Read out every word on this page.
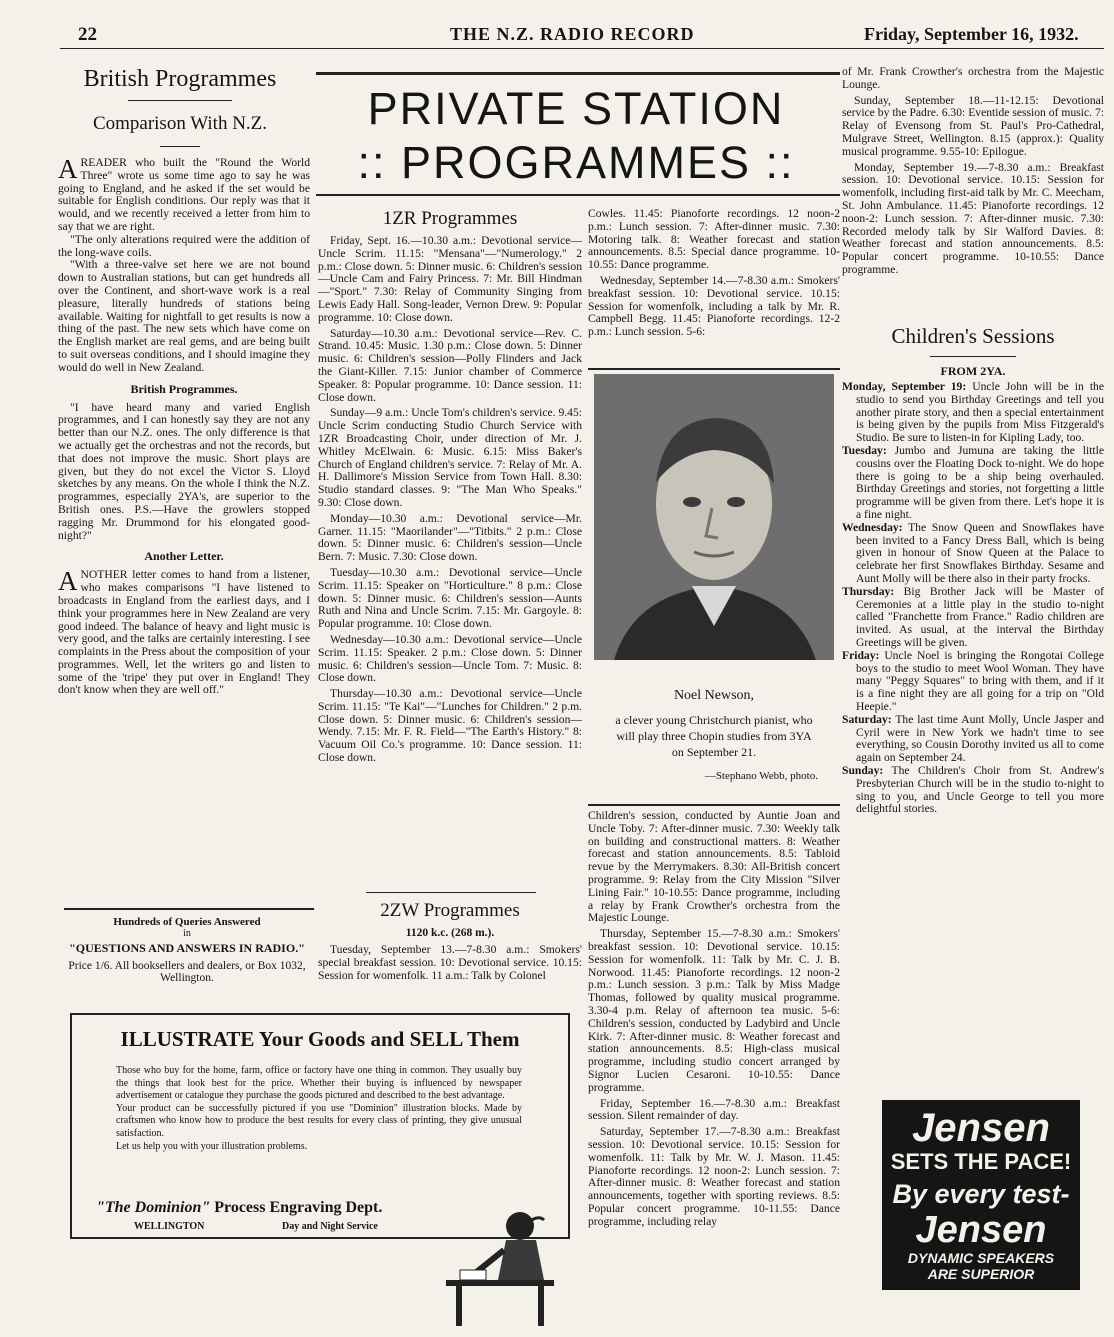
22	THE N.Z. RADIO RECORD	Friday, September 16, 1932.
British Programmes
Comparison With N.Z.

AREADER who built the "Round the World Three" wrote us some time ago to say he was going to England, and he asked if the set would be suitable for English conditions. Our reply was that it would, and we recently received a letter from him to say that we are right.

"The only alterations required were the addition of the long-wave coils.

"With a three-valve set here we are not bound down to Australian stations, but can get hundreds all over the Continent, and short-wave work is a real pleasure, literally hundreds of stations being available. Waiting for nightfall to get results is now a thing of the past. The new sets which have come on the English market are real gems, and are being built to suit overseas conditions, and I should imagine they would do well in New Zealand.

British Programmes.

"I have heard many and varied English programmes, and I can honestly say they are not any better than our N.Z. ones. The only difference is that we actually get the orchestras and not the records, but that does not improve the music. Short plays are given, but they do not excel the Victor S. Lloyd sketches by any means. On the whole I think the N.Z. programmes, especially 2YA's, are superior to the British ones. P.S.—Have the growlers stopped ragging Mr. Drummond for his elongated good-night?"

Another Letter.

ANOTHER letter comes to hand from a listener, who makes comparisons "I have listened to broadcasts in England from the earliest days, and I think your programmes here in New Zealand are very good indeed. The balance of heavy and light music is very good, and the talks are certainly interesting. I see complaints in the Press about the composition of your programmes. Well, let the writers go and listen to some of the 'tripe' they put over in England! They don't know when they are well off."

Hundreds of Queries Answered
in
"QUESTIONS AND ANSWERS IN RADIO."
Price 1/6. All booksellers and dealers, or Box 1032, Wellington.
PRIVATE STATION
:: PROGRAMMES ::
1ZR Programmes

Friday, Sept. 16.—10.30 a.m.: Devotional service—Uncle Scrim. 11.15: "Mensana"—"Numerology." 2 p.m.: Close down. 5: Dinner music. 6: Children's session—Uncle Cam and Fairy Princess. 7: Mr. Bill Hindman—"Sport." 7.30: Relay of Community Singing from Lewis Eady Hall. Song-leader, Vernon Drew. 9: Popular programme. 10: Close down.

Saturday—10.30 a.m.: Devotional service—Rev. C. Strand. 10.45: Music. 1.30 p.m.: Close down. 5: Dinner music. 6: Children's session—Polly Flinders and Jack the Giant-Killer. 7.15: Junior chamber of Commerce Speaker. 8: Popular programme. 10: Dance session. 11: Close down.

Sunday—9 a.m.: Uncle Tom's children's service. 9.45: Uncle Scrim conducting Studio Church Service with 1ZR Broadcasting Choir, under direction of Mr. J. Whitley McElwain. 6: Music. 6.15: Miss Baker's Church of England children's service. 7: Relay of Mr. A. H. Dallimore's Mission Service from Town Hall. 8.30: Studio standard classes. 9: "The Man Who Speaks." 9.30: Close down.

Monday—10.30 a.m.: Devotional service—Mr. Garner. 11.15: "Maorilander"—"Titbits." 2 p.m.: Close down. 5: Dinner music. 6: Children's session—Uncle Bern. 7: Music. 7.30: Close down.

Tuesday—10.30 a.m.: Devotional service—Uncle Scrim. 11.15: Speaker on "Horticulture." 8 p.m.: Close down. 5: Dinner music. 6: Children's session—Aunts Ruth and Nina and Uncle Scrim. 7.15: Mr. Gargoyle. 8: Popular programme. 10: Close down.

Wednesday—10.30 a.m.: Devotional service—Uncle Scrim. 11.15: Speaker. 2 p.m.: Close down. 5: Dinner music. 6: Children's session—Uncle Tom. 7: Music. 8: Close down.

Thursday—10.30 a.m.: Devotional service—Uncle Scrim. 11.15: "Te Kai"—"Lunches for Children." 2 p.m. Close down. 5: Dinner music. 6: Children's session—Wendy. 7.15: Mr. F. R. Field—"The Earth's History." 8: Vacuum Oil Co.'s programme. 10: Dance session. 11: Close down.

2ZW Programmes
1120 k.c. (268 m.).

Tuesday, September 13.—7-8.30 a.m.: Smokers' special breakfast session. 10: Devotional service. 10.15: Session for womenfolk. 11 a.m.: Talk by Colonel

Cowles. 11.45: Pianoforte recordings. 12 noon-2 p.m.: Lunch session. 7: After-dinner music. 7.30: Motoring talk. 8: Weather forecast and station announcements. 8.5: Special dance programme. 10-10.55: Dance programme.

Wednesday, September 14.—7-8.30 a.m.: Smokers' breakfast session. 10: Devotional service. 10.15: Session for womenfolk, including a talk by Mr. R. Campbell Begg. 11.45: Pianoforte recordings. 12-2 p.m.: Lunch session. 5-6:

Noel Newson,
a clever young Christchurch pianist, who will play three Chopin studies from 3YA on September 21.
—Stephano Webb, photo.

Children's session, conducted by Auntie Joan and Uncle Toby. 7: After-dinner music. 7.30: Weekly talk on building and constructional matters. 8: Weather forecast and station announcements. 8.5: Tabloid revue by the Merrymakers. 8.30: All-British concert programme. 9: Relay from the City Mission "Silver Lining Fair." 10-10.55: Dance programme, including a relay by Frank Crowther's orchestra from the Majestic Lounge.

Thursday, September 15.—7-8.30 a.m.: Smokers' breakfast session. 10: Devotional service. 10.15: Session for womenfolk. 11: Talk by Mr. C. J. B. Norwood. 11.45: Pianoforte recordings. 12 noon-2 p.m.: Lunch session. 3 p.m.: Talk by Miss Madge Thomas, followed by quality musical programme. 3.30-4 p.m. Relay of afternoon tea music. 5-6: Children's session, conducted by Ladybird and Uncle Kirk. 7: After-dinner music. 8: Weather forecast and station announcements. 8.5: High-class musical programme, including studio concert arranged by Signor Lucien Cesaroni. 10-10.55: Dance programme.

Friday, September 16.—7-8.30 a.m.: Breakfast session. Silent remainder of day.

Saturday, September 17.—7-8.30 a.m.: Breakfast session. 10: Devotional service. 10.15: Session for womenfolk. 11: Talk by Mr. W. J. Mason. 11.45: Pianoforte recordings. 12 noon-2: Lunch session. 7: After-dinner music. 8: Weather forecast and station announcements, together with sporting reviews. 8.5: Popular concert programme. 10-11.55: Dance programme, including relay

of Mr. Frank Crowther's orchestra from the Majestic Lounge.

Sunday, September 18.—11-12.15: Devotional service by the Padre. 6.30: Eventide session of music. 7: Relay of Evensong from St. Paul's Pro-Cathedral, Mulgrave Street, Wellington. 8.15 (approx.): Quality musical programme. 9.55-10: Epilogue.

Monday, September 19.—7-8.30 a.m.: Breakfast session. 10: Devotional service. 10.15: Session for womenfolk, including first-aid talk by Mr. C. Meecham, St. John Ambulance. 11.45: Pianoforte recordings. 12 noon-2: Lunch session. 7: After-dinner music. 7.30: Recorded melody talk by Sir Walford Davies. 8: Weather forecast and station announcements. 8.5: Popular concert programme. 10-10.55: Dance programme.

Children's Sessions
FROM 2YA.

Monday, September 19: Uncle John will be in the studio to send you Birthday Greetings and tell you another pirate story, and then a special entertainment is being given by the pupils from Miss Fitzgerald's Studio. Be sure to listen-in for Kipling Lady, too.

Tuesday: Jumbo and Jumuna are taking the little cousins over the Floating Dock to-night. We do hope there is going to be a ship being overhauled. Birthday Greetings and stories, not forgetting a little programme will be given from there. Let's hope it is a fine night.

Wednesday: The Snow Queen and Snowflakes have been invited to a Fancy Dress Ball, which is being given in honour of Snow Queen at the Palace to celebrate her first Snowflakes Birthday. Sesame and Aunt Molly will be there also in their party frocks.

Thursday: Big Brother Jack will be Master of Ceremonies at a little play in the studio to-night called "Franchette from France." Radio children are invited. As usual, at the interval the Birthday Greetings will be given.

Friday: Uncle Noel is bringing the Rongotai College boys to the studio to meet Wool Woman. They have many "Peggy Squares" to bring with them, and if it is a fine night they are all going for a trip on "Old Heepie."

Saturday: The last time Aunt Molly, Uncle Jasper and Cyril were in New York we hadn't time to see everything, so Cousin Dorothy invited us all to come again on September 24.

Sunday: The Children's Choir from St. Andrew's Presbyterian Church will be in the studio to-night to sing to you, and Uncle George to tell you more delightful stories.

ILLUSTRATE Your Goods and SELL Them
Those who buy for the home, farm, office or factory have one thing in common. They usually buy the things that look best for the price. Whether their buying is influenced by newspaper advertisement or catalogue they purchase the goods pictured and described to the best advantage.
Your product can be successfully pictured if you use "Dominion" illustration blocks. Made by craftsmen who know how to produce the best results for every class of printing, they give unusual satisfaction.
Let us help you with your illustration problems.
"The Dominion" Process Engraving Dept.
WELLINGTON	Day and Night Service
Jensen
SETS THE PACE!
By every test-
Jensen
DYNAMIC SPEAKERS
ARE SUPERIOR
